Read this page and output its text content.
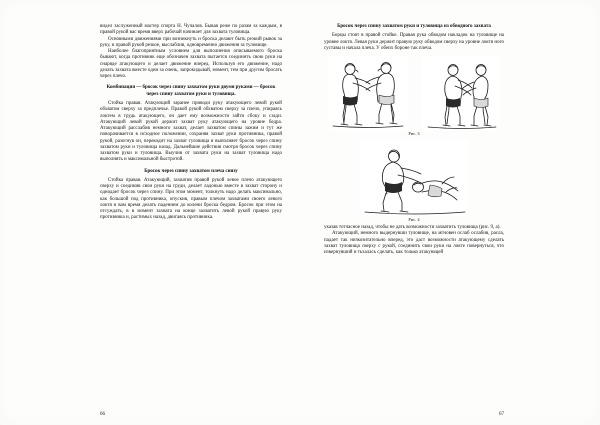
видел заслуженный мастер спорта Н. Чучалов. Бывая реже по разам за каждым, в правой рукой вас время вверх рабочай начинает для захвата туловища.

Основными движениями при возникнуть и броска делают быть резкий рывок за руку, и правой рукой резкое, выслаблив, одновременно движения за туловище.

Наиболее благоприятным условием для выполнения описываемого броска бывают, когда противник еще обозначен захвата пытается соединить свою руки на снаряде атакующего и делает движение вперед. Используя его движение, надо делать захвата вместе одни за очень, запрокидывай, момент, тем при другим бросать через плечо.

Комбинация — бросок через спину захватом руки двумя руками — бросок через спину захватом руки и туловища.

Стойка правая. Атакующий заранее приводи руку атакующего левой рукой обхватом сверху за предплечье. Правой рукой обхватом сверху за плечо, упираясь локтем в грудь атакующего, он дает ему возможности зайти сбоку и сзади. Атакующий левой рукой держит захват руку атакующего на уровне бедра. Атакующий расслабив немного захват, делает захватом спины зажим и тут же поворачивается в исходное положении, сохраняя захват руки противника, правой рукой, разогнув он, перекодит на захват туловища и выполняет бросок через спину захватом руки и туловища назад. Дальнейшие действия смотря бросок через спину захватом руки и туловища. Выучив от захвата руки на захват туловища надо выполнять и максимальной быстротой.

Бросок через спину захватом плеча снизу

Стойка правая. Атакующий, захватив правой рукой левое плечо атакующего сверху и соединив свои руки на груди, делает ладонью вместе в захват сторону и однодает бросок через спину. При этом момент, толкнуть надо делать максимально, как большой под противника, опускив, правым плечом захватами своего левого локтя и вам время делать падением до колени броска бедром. Бросок при этом на отсуждать, в в момент захвата на конце захватить левой рукой правую руку противника и, растимых назад, двигаясь противника.

66
Бросок через спину захватом руки и туловища из обводного захвата

Борцы стоят в правой стойке. Правая рука обводом накладок на туловище на уровне локтя. Левая руки держит правую руку обводом сверху на уровне локтя ного суставы и начала плеча. У обеих бороне так плеча.

Рис. 3
Рис. 4

указав тотчасное назад, чтобы не дать возможности захватить туловища (рис. 9, а).

Атакующий, немного выдернувши туловище, на мгновен ослаб ослабив, расла, падает так низкозитательно вперед, это даст возможности атакующему сделать захват туловища сверху с рукой, соединить свои руки на локте повернуться, что извернувший и тьхалась сделать, как только атакующей

67
